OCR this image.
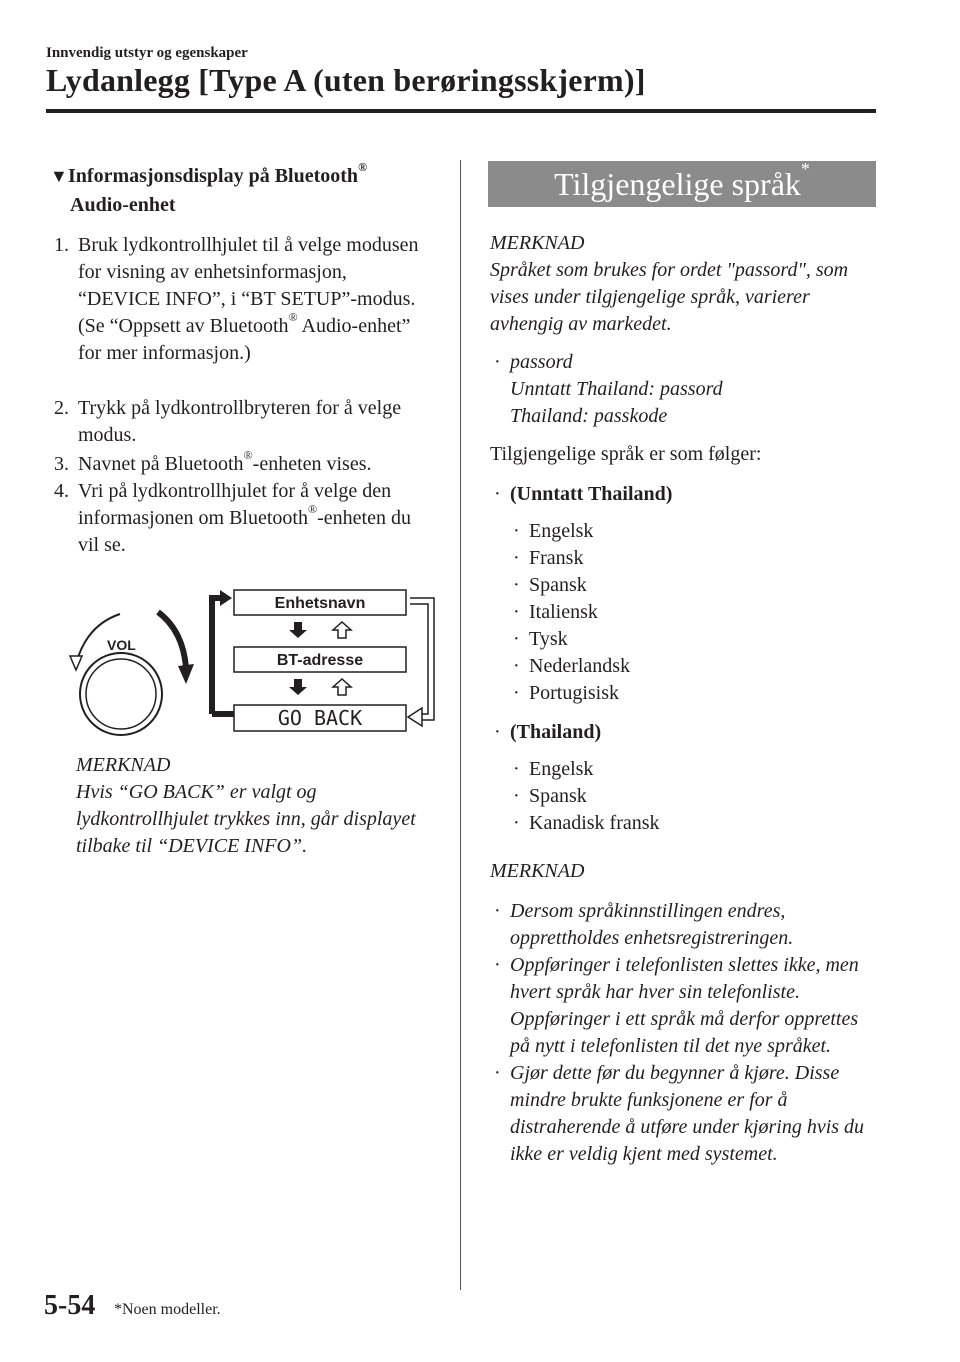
Innvendig utstyr og egenskaper
Lydanlegg [Type A (uten berøringsskjerm)]
▼Informasjonsdisplay på Bluetooth®
Audio-enhet
1. Bruk lydkontrollhjulet til å velge modusen for visning av enhetsinformasjon, “DEVICE INFO”, i “BT SETUP”-modus. (Se “Oppsett av Bluetooth® Audio-enhet” for mer informasjon.)
2. Trykk på lydkontrollbryteren for å velge modus.
3. Navnet på Bluetooth®-enheten vises.
4. Vri på lydkontrollhjulet for å velge den informasjonen om Bluetooth®-enheten du vil se.
VOL
Enhetsnavn
BT-adresse
GO BACK
MERKNAD
Hvis “GO BACK” er valgt og lydkontrollhjulet trykkes inn, går displayet tilbake til “DEVICE INFO”.
Tilgjengelige språk*
MERKNAD
Språket som brukes for ordet "passord", som vises under tilgjengelige språk, varierer avhengig av markedet.
· passord
Unntatt Thailand: passord
Thailand: passkode
Tilgjengelige språk er som følger:
· (Unntatt Thailand)
· Engelsk
· Fransk
· Spansk
· Italiensk
· Tysk
· Nederlandsk
· Portugisisk
· (Thailand)
· Engelsk
· Spansk
· Kanadisk fransk
MERKNAD
· Dersom språkinnstillingen endres, opprettholdes enhetsregistreringen.
· Oppføringer i telefonlisten slettes ikke, men hvert språk har hver sin telefonliste. Oppføringer i ett språk må derfor opprettes på nytt i telefonlisten til det nye språket.
· Gjør dette før du begynner å kjøre. Disse mindre brukte funksjonene er for å distraherende å utføre under kjøring hvis du ikke er veldig kjent med systemet.
5-54 *Noen modeller.
